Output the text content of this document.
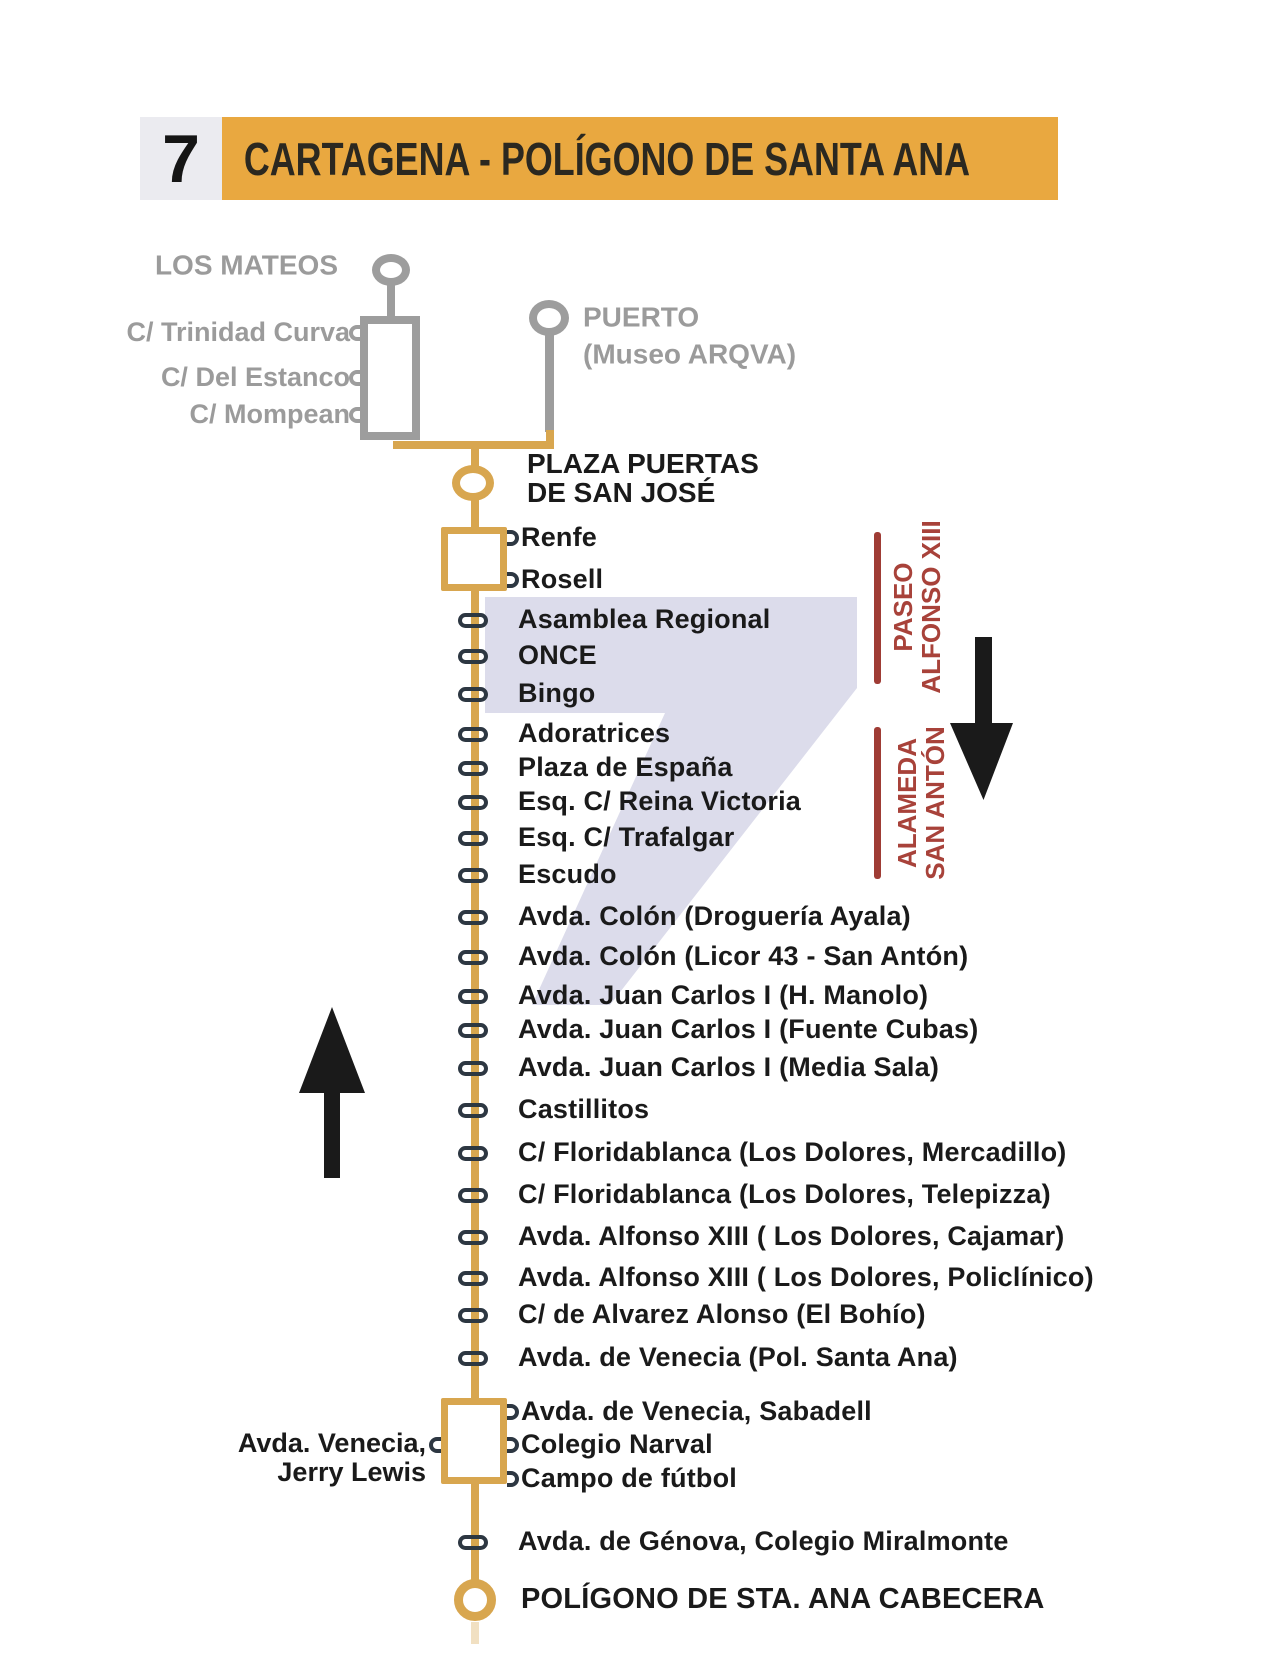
7 CARTAGENA - POLÍGONO DE SANTA ANA
LOS MATEOS
PUERTO
(Museo ARQVA)
C/ Trinidad Curva
C/ Del Estanco
C/ Mompean
PLAZA PUERTAS
DE SAN JOSÉ
Avda. Venecia,
Jerry Lewis
POLÍGONO DE STA. ANA CABECERA
Asamblea Regional
ONCE
Bingo
Adoratrices
Plaza de España
Esq. C/ Reina Victoria
Esq. C/ Trafalgar
Escudo
Avda. Colón (Droguería Ayala)
Avda. Colón (Licor 43 - San Antón)
Avda. Juan Carlos I (H. Manolo)
Avda. Juan Carlos I (Fuente Cubas)
Avda. Juan Carlos I (Media Sala)
Castillitos
C/ Floridablanca (Los Dolores, Mercadillo)
C/ Floridablanca (Los Dolores, Telepizza)
Avda. Alfonso XIII ( Los Dolores, Cajamar)
Avda. Alfonso XIII ( Los Dolores, Policlínico)
C/ de Alvarez Alonso (El Bohío)
Avda. de Venecia (Pol. Santa Ana)
Avda. de Génova, Colegio Miralmonte
Renfe
Rosell
Avda. de Venecia, Sabadell
Colegio Narval
Campo de fútbol
PASEO
ALFONSO XIII
ALAMEDA
SAN ANTÓN
